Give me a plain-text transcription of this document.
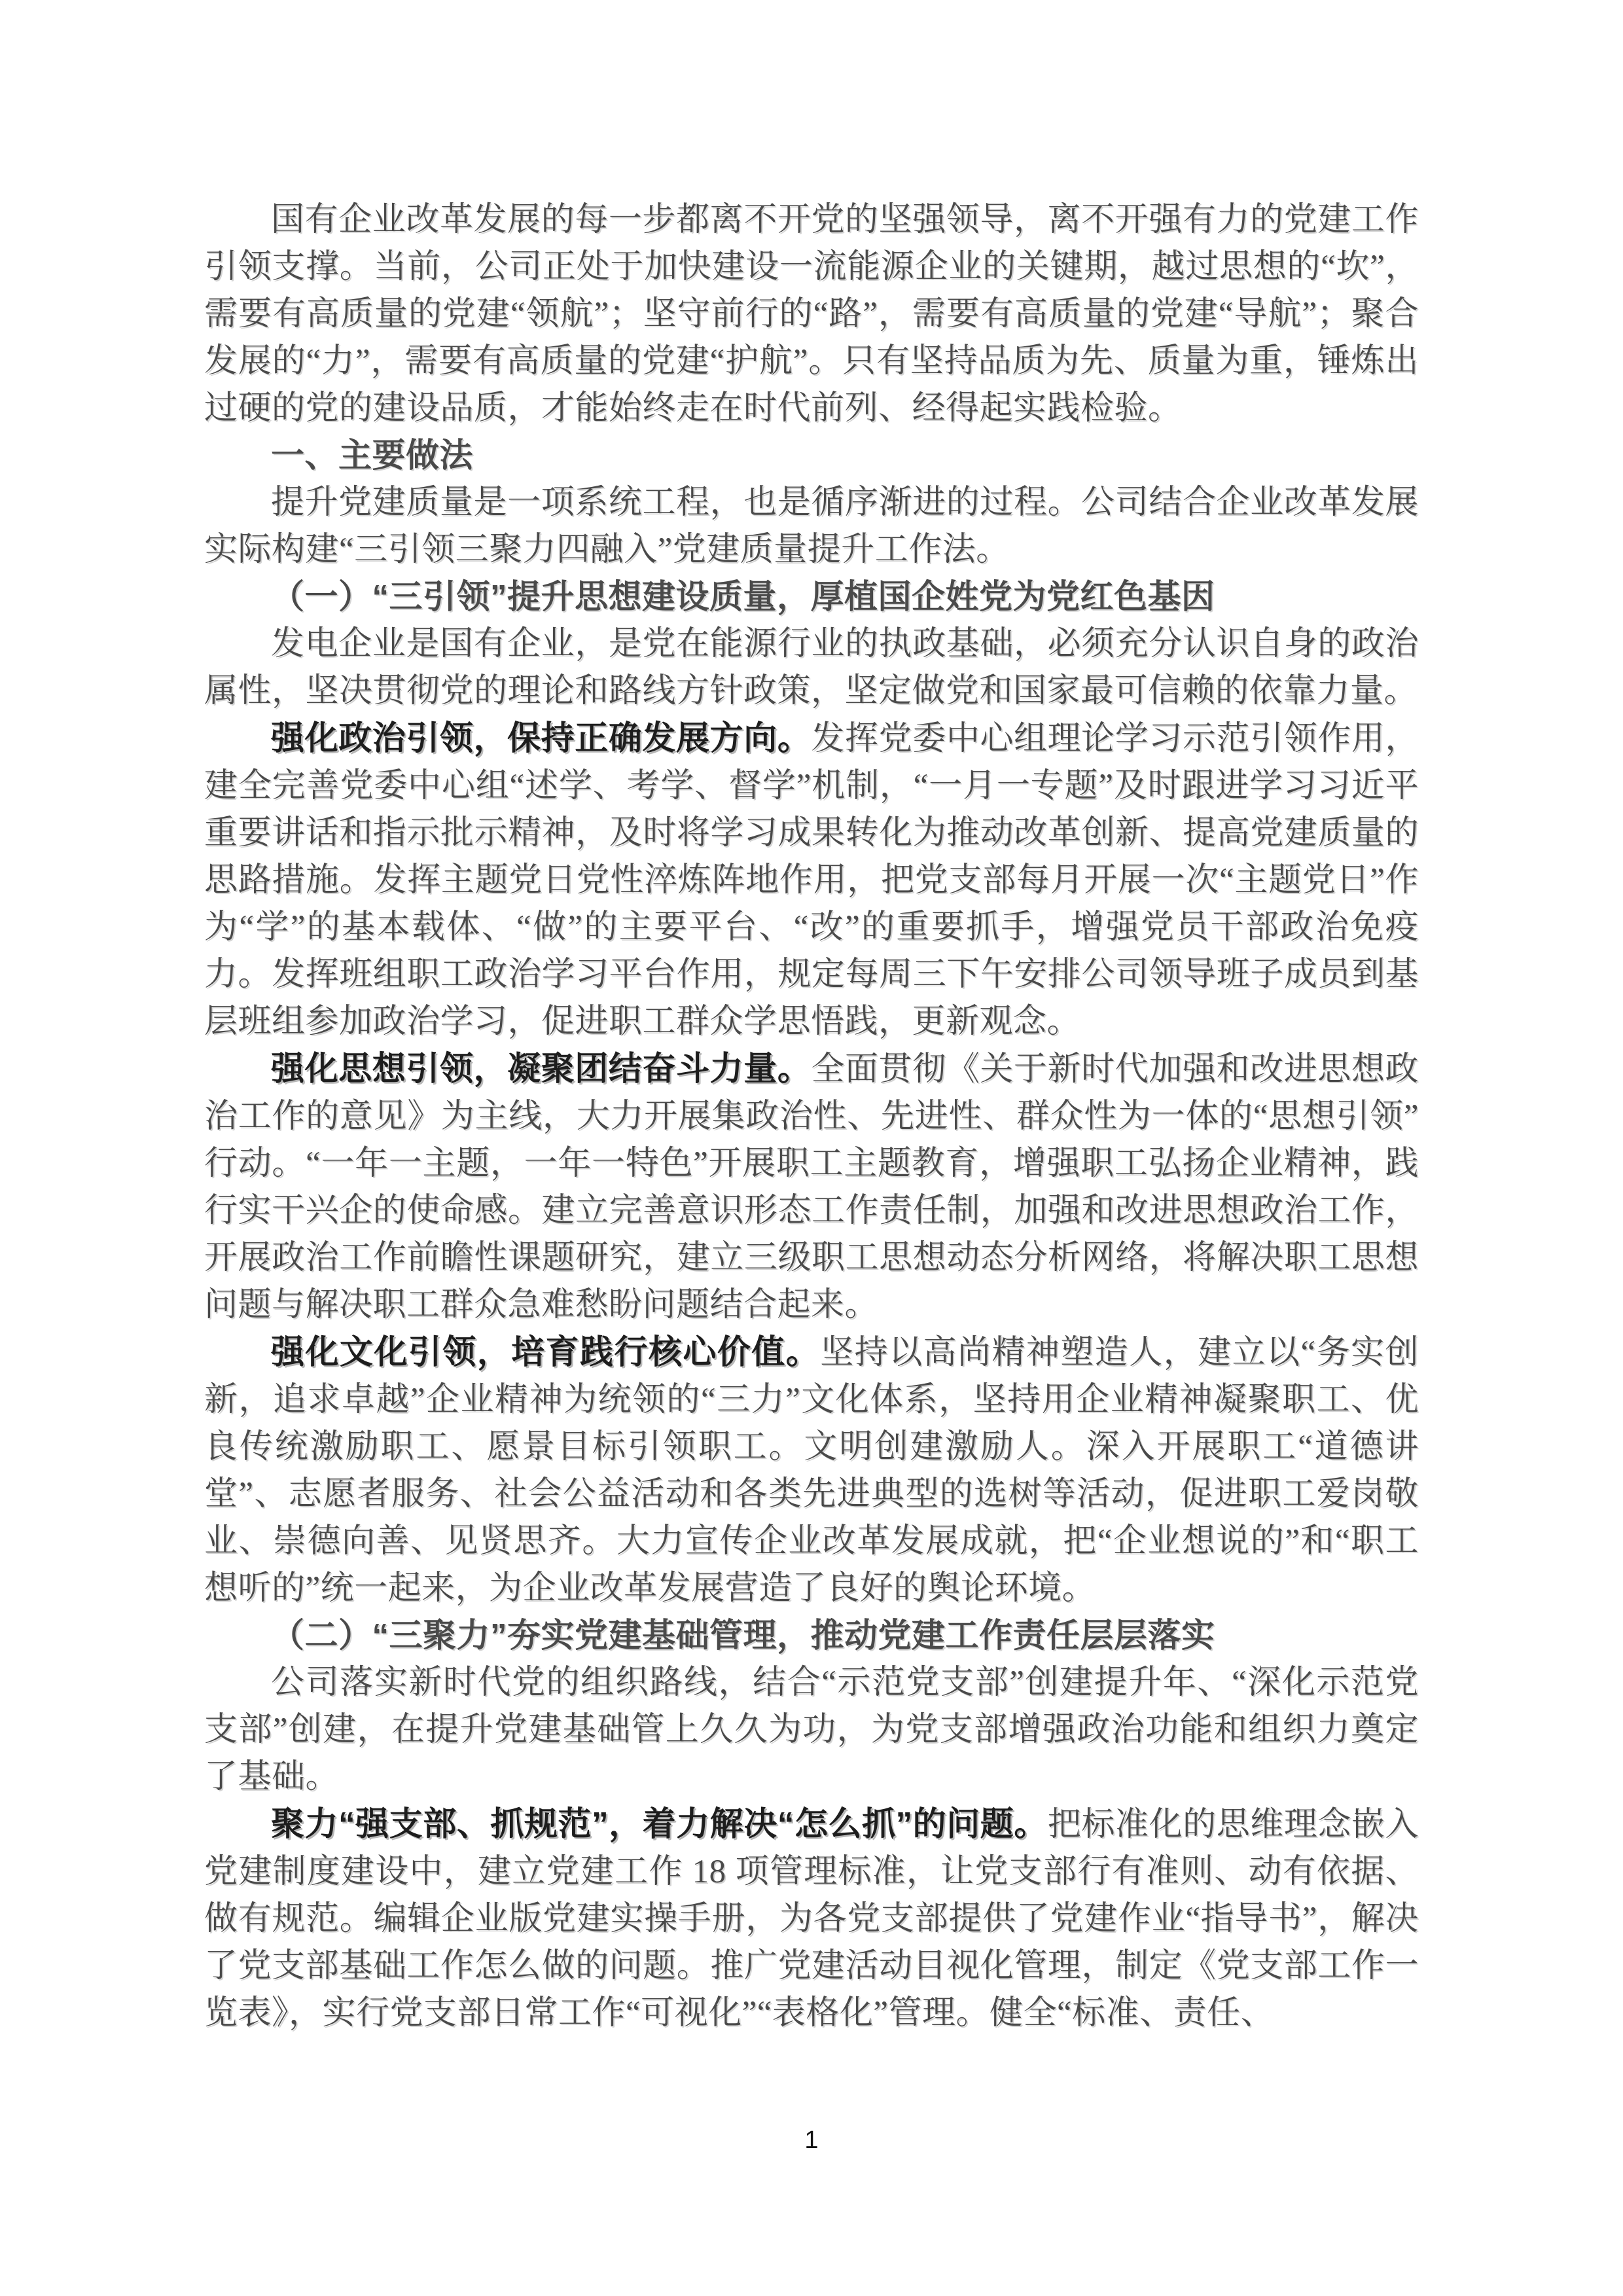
国有企业改革发展的每一步都离不开党的坚强领导，离不开强有力的党建工作引领支撑。当前，公司正处于加快建设一流能源企业的关键期，越过思想的“坎”，需要有高质量的党建“领航”；坚守前行的“路”，需要有高质量的党建“导航”；聚合发展的“力”，需要有高质量的党建“护航”。只有坚持品质为先、质量为重，锤炼出过硬的党的建设品质，才能始终走在时代前列、经得起实践检验。

一、主要做法

提升党建质量是一项系统工程，也是循序渐进的过程。公司结合企业改革发展实际构建“三引领三聚力四融入”党建质量提升工作法。

（一）“三引领”提升思想建设质量，厚植国企姓党为党红色基因

发电企业是国有企业，是党在能源行业的执政基础，必须充分认识自身的政治属性，坚决贯彻党的理论和路线方针政策，坚定做党和国家最可信赖的依靠力量。

强化政治引领，保持正确发展方向。发挥党委中心组理论学习示范引领作用，建全完善党委中心组“述学、考学、督学”机制，“一月一专题”及时跟进学习习近平重要讲话和指示批示精神，及时将学习成果转化为推动改革创新、提高党建质量的思路措施。发挥主题党日党性淬炼阵地作用，把党支部每月开展一次“主题党日”作为“学”的基本载体、“做”的主要平台、“改”的重要抓手，增强党员干部政治免疫力。发挥班组职工政治学习平台作用，规定每周三下午安排公司领导班子成员到基层班组参加政治学习，促进职工群众学思悟践，更新观念。

强化思想引领，凝聚团结奋斗力量。全面贯彻《关于新时代加强和改进思想政治工作的意见》为主线，大力开展集政治性、先进性、群众性为一体的“思想引领”行动。“一年一主题，一年一特色”开展职工主题教育，增强职工弘扬企业精神，践行实干兴企的使命感。建立完善意识形态工作责任制，加强和改进思想政治工作，开展政治工作前瞻性课题研究，建立三级职工思想动态分析网络，将解决职工思想问题与解决职工群众急难愁盼问题结合起来。

强化文化引领，培育践行核心价值。坚持以高尚精神塑造人，建立以“务实创新，追求卓越”企业精神为统领的“三力”文化体系，坚持用企业精神凝聚职工、优良传统激励职工、愿景目标引领职工。文明创建激励人。深入开展职工“道德讲堂”、志愿者服务、社会公益活动和各类先进典型的选树等活动，促进职工爱岗敬业、崇德向善、见贤思齐。大力宣传企业改革发展成就，把“企业想说的”和“职工想听的”统一起来，为企业改革发展营造了良好的舆论环境。

（二）“三聚力”夯实党建基础管理，推动党建工作责任层层落实

公司落实新时代党的组织路线，结合“示范党支部”创建提升年、“深化示范党支部”创建，在提升党建基础管上久久为功，为党支部增强政治功能和组织力奠定了基础。

聚力“强支部、抓规范”，着力解决“怎么抓”的问题。把标准化的思维理念嵌入党建制度建设中，建立党建工作 18 项管理标准，让党支部行有准则、动有依据、做有规范。编辑企业版党建实操手册，为各党支部提供了党建作业“指导书”，解决了党支部基础工作怎么做的问题。推广党建活动目视化管理，制定《党支部工作一览表》，实行党支部日常工作“可视化”“表格化”管理。健全“标准、责任、

1
